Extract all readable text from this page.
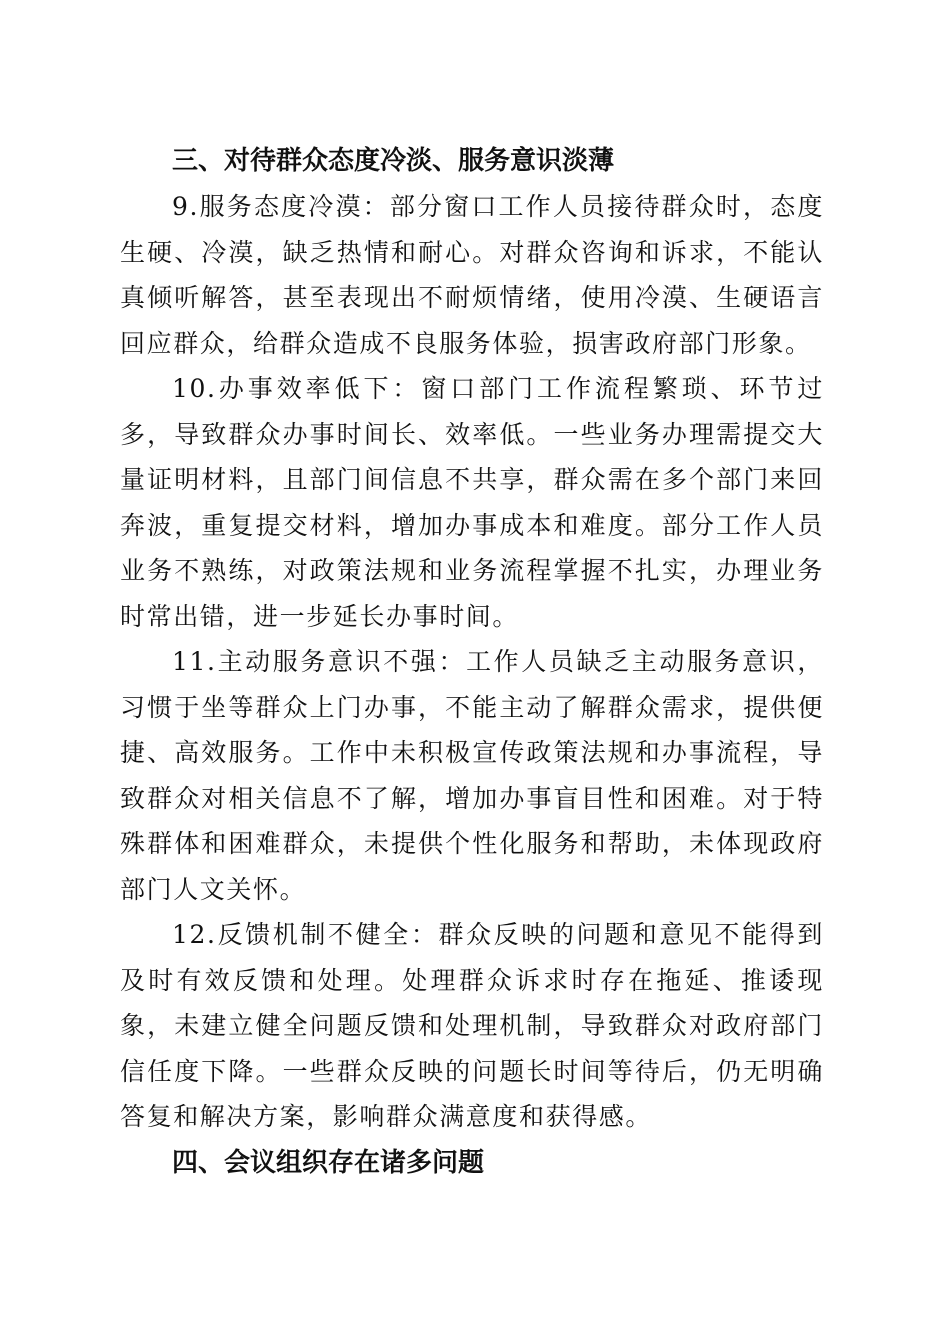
三、对待群众态度冷淡、服务意识淡薄

9.服务态度冷漠：部分窗口工作人员接待群众时，态度生硬、冷漠，缺乏热情和耐心。对群众咨询和诉求，不能认真倾听解答，甚至表现出不耐烦情绪，使用冷漠、生硬语言回应群众，给群众造成不良服务体验，损害政府部门形象。

10.办事效率低下：窗口部门工作流程繁琐、环节过多，导致群众办事时间长、效率低。一些业务办理需提交大量证明材料，且部门间信息不共享，群众需在多个部门来回奔波，重复提交材料，增加办事成本和难度。部分工作人员业务不熟练，对政策法规和业务流程掌握不扎实，办理业务时常出错，进一步延长办事时间。

11.主动服务意识不强：工作人员缺乏主动服务意识，习惯于坐等群众上门办事，不能主动了解群众需求，提供便捷、高效服务。工作中未积极宣传政策法规和办事流程，导致群众对相关信息不了解，增加办事盲目性和困难。对于特殊群体和困难群众，未提供个性化服务和帮助，未体现政府部门人文关怀。

12.反馈机制不健全：群众反映的问题和意见不能得到及时有效反馈和处理。处理群众诉求时存在拖延、推诿现象，未建立健全问题反馈和处理机制，导致群众对政府部门信任度下降。一些群众反映的问题长时间等待后，仍无明确答复和解决方案，影响群众满意度和获得感。

四、会议组织存在诸多问题
